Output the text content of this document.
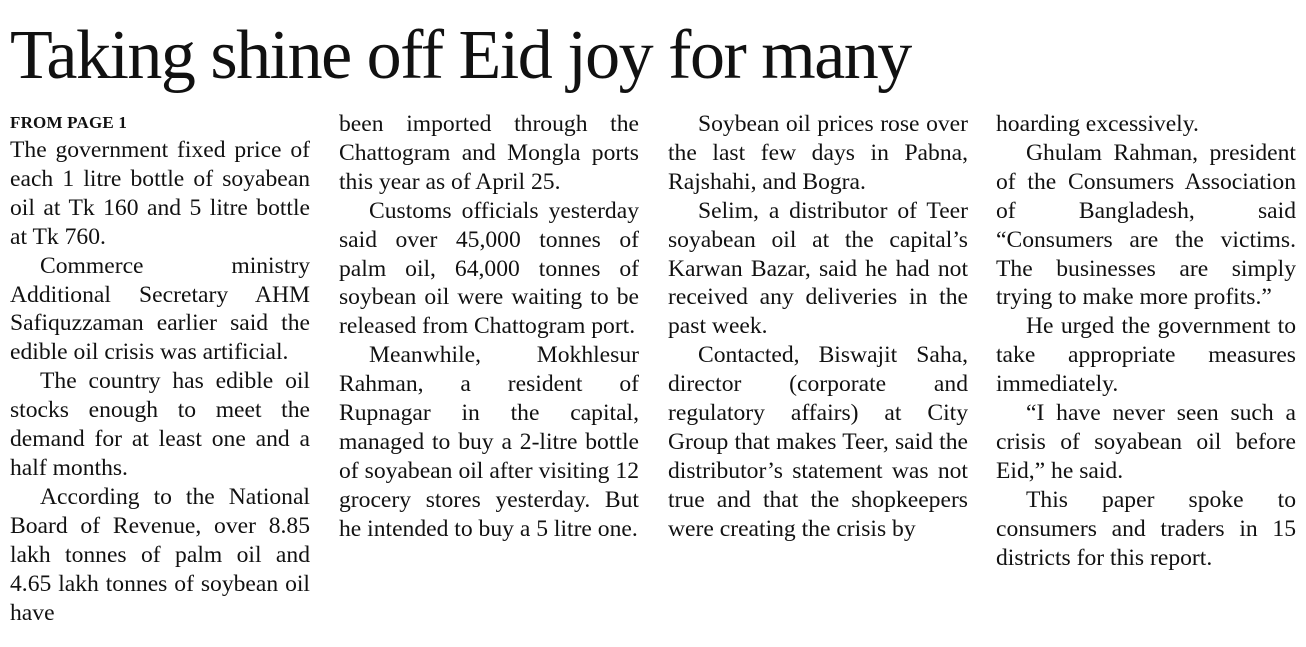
Taking shine off Eid joy for many
FROM PAGE 1

The government fixed price of each 1 litre bottle of soyabean oil at Tk 160 and 5 litre bottle at Tk 760.

Commerce ministry Additional Secretary AHM Safiquzzaman earlier said the edible oil crisis was artificial.

The country has edible oil stocks enough to meet the demand for at least one and a half months.

According to the National Board of Revenue, over 8.85 lakh tonnes of palm oil and 4.65 lakh tonnes of soybean oil have

been imported through the Chattogram and Mongla ports this year as of April 25.

Customs officials yesterday said over 45,000 tonnes of palm oil, 64,000 tonnes of soybean oil were waiting to be released from Chattogram port.

Meanwhile, Mokhlesur Rahman, a resident of Rupnagar in the capital, managed to buy a 2-litre bottle of soyabean oil after visiting 12 grocery stores yesterday. But he intended to buy a 5 litre one.

Soybean oil prices rose over the last few days in Pabna, Rajshahi, and Bogra.

Selim, a distributor of Teer soyabean oil at the capital’s Karwan Bazar, said he had not received any deliveries in the past week.

Contacted, Biswajit Saha, director (corporate and regulatory affairs) at City Group that makes Teer, said the distributor’s statement was not true and that the shopkeepers were creating the crisis by

hoarding excessively.

Ghulam Rahman, president of the Consumers Association of Bangladesh, said “Consumers are the victims. The businesses are simply trying to make more profits.”

He urged the government to take appropriate measures immediately.

“I have never seen such a crisis of soyabean oil before Eid,” he said.

This paper spoke to consumers and traders in 15 districts for this report.
